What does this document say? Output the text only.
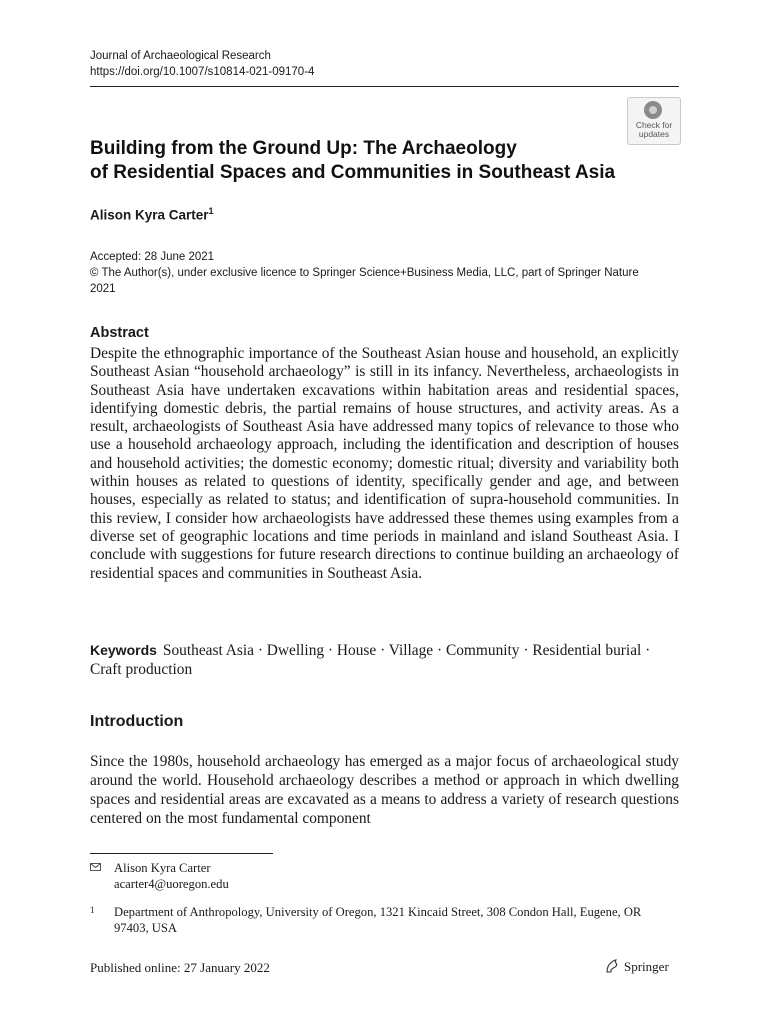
Journal of Archaeological Research
https://doi.org/10.1007/s10814-021-09170-4
Check for updates
Building from the Ground Up: The Archaeology
of Residential Spaces and Communities in Southeast Asia
Alison Kyra Carter$^1$
Accepted: 28 June 2021
© The Author(s), under exclusive licence to Springer Science+Business Media, LLC, part of Springer Nature
2021
Abstract
Despite the ethnographic importance of the Southeast Asian house and household, an explicitly Southeast Asian “household archaeology” is still in its infancy. Nevertheless, archaeologists in Southeast Asia have undertaken excavations within habitation areas and residential spaces, identifying domestic debris, the partial remains of house structures, and activity areas. As a result, archaeologists of Southeast Asia have addressed many topics of relevance to those who use a household archaeology approach, including the identification and description of houses and household activities; the domestic economy; domestic ritual; diversity and variability both within houses as related to questions of identity, specifically gender and age, and between houses, especially as related to status; and identification of supra-household communities. In this review, I consider how archaeologists have addressed these themes using examples from a diverse set of geographic locations and time periods in mainland and island Southeast Asia. I conclude with suggestions for future research directions to continue building an archaeology of residential spaces and communities in Southeast Asia.
Keywords Southeast Asia · Dwelling · House · Village · Community · Residential burial · Craft production
Introduction
Since the 1980s, household archaeology has emerged as a major focus of archaeological study around the world. Household archaeology describes a method or approach in which dwelling spaces and residential areas are excavated as a means to address a variety of research questions centered on the most fundamental component
Alison Kyra Carter
acarter4@uoregon.edu
1 Department of Anthropology, University of Oregon, 1321 Kincaid Street, 308 Condon Hall, Eugene, OR 97403, USA
Published online: 27 January 2022	Springer
